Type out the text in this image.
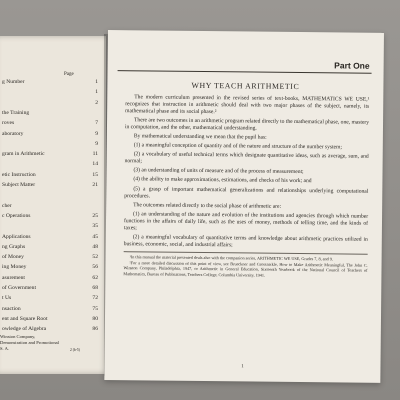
Page
g Number	1
1
2
the Training
roves	7
aboratory	9
9
gram in Arithmetic	11
14
etic Instruction	15
Subject Matter	21
cher
c Operations	25
35
Applications	45
ng Graphs	48
of Money	52
ing Money	56
asurement	62
of Government	68
t Us	72
nsaction	75
ent and Square Root	80
owledge of Algebra	86
Winston Company,
Demonstration and Promotional
S. A.	2 (b-5)
Part One
WHY TEACH ARITHMETIC

The modern curriculum presented in the revised series of text-books, MATHEMATICS WE USE,¹ recognizes that instruction in arithmetic should deal with two major phases of the subject, namely, its mathematical phase and its social phase.²

There are two outcomes in an arithmetic program related directly to the mathematical phase, one, mastery in computation, and the other, mathematical understanding.

By mathematical understanding we mean that the pupil has:

(1) a meaningful conception of quantity and of the nature and structure of the number system;

(2) a vocabulary of useful technical terms which designate quantitative ideas, such as average, sum, and normal;

(3) an understanding of units of measure and of the process of measurement;

(4) the ability to make approximations, estimations, and checks of his work; and

(5) a grasp of important mathematical generalizations and relationships underlying computational procedures.

The outcomes related directly to the social phase of arithmetic are:

(1) an understanding of the nature and evolution of the institutions and agencies through which number functions in the affairs of daily life, such as the uses of money, methods of telling time, and the kinds of taxes;

(2) a meaningful vocabulary of quantitative terms and knowledge about arithmetic practices utilized in business, economic, social, and industrial affairs;

¹In this manual the material presented deals also with the companion series, ARITHMETIC WE USE, Grades 7, 8, and 9.

²For a more detailed discussion of this point of view, see Brueckner and Grossnickle, How to Make Arithmetic Meaningful, The John C. Winston Company, Philadelphia, 1947, or Arithmetic in General Education, Sixteenth Yearbook of the National Council of Teachers of Mathematics, Bureau of Publications, Teachers College, Columbia University, 1941.

1
